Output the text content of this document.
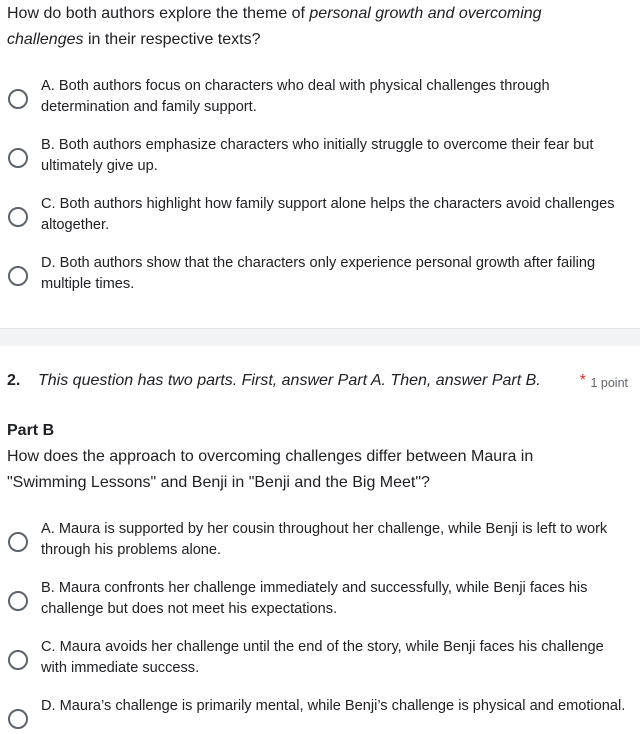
How do both authors explore the theme of personal growth and overcoming challenges in their respective texts?
A. Both authors focus on characters who deal with physical challenges through determination and family support.
B. Both authors emphasize characters who initially struggle to overcome their fear but ultimately give up.
C. Both authors highlight how family support alone helps the characters avoid challenges altogether.
D. Both authors show that the characters only experience personal growth after failing multiple times.
2. This question has two parts. First, answer Part A. Then, answer Part B. * 1 point
Part B
How does the approach to overcoming challenges differ between Maura in "Swimming Lessons" and Benji in "Benji and the Big Meet"?
A. Maura is supported by her cousin throughout her challenge, while Benji is left to work through his problems alone.
B. Maura confronts her challenge immediately and successfully, while Benji faces his challenge but does not meet his expectations.
C. Maura avoids her challenge until the end of the story, while Benji faces his challenge with immediate success.
D. Maura’s challenge is primarily mental, while Benji’s challenge is physical and emotional.
